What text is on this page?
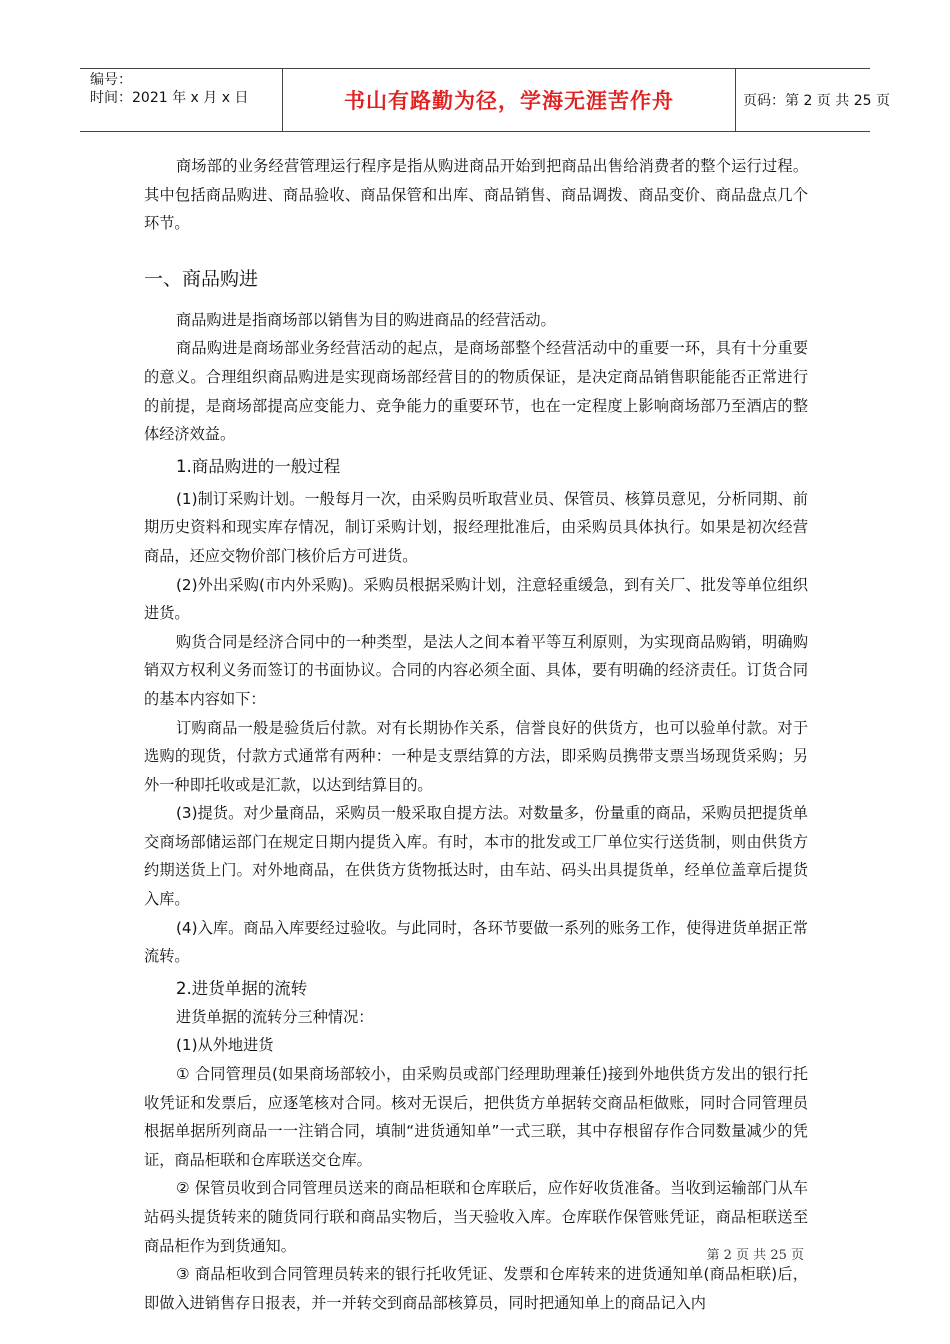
编号：
时间：2021 年 x 月 x 日	书山有路勤为径，学海无涯苦作舟	页码：第 2 页 共 25 页

商场部的业务经营管理运行程序是指从购进商品开始到把商品出售给消费者的整个运行过程。其中包括商品购进、商品验收、商品保管和出库、商品销售、商品调拨、商品变价、商品盘点几个环节。

一、商品购进

商品购进是指商场部以销售为目的购进商品的经营活动。

商品购进是商场部业务经营活动的起点，是商场部整个经营活动中的重要一环，具有十分重要的意义。合理组织商品购进是实现商场部经营目的的物质保证，是决定商品销售职能能否正常进行的前提，是商场部提高应变能力、竞争能力的重要环节，也在一定程度上影响商场部乃至酒店的整体经济效益。

1.商品购进的一般过程

(1)制订采购计划。一般每月一次，由采购员听取营业员、保管员、核算员意见，分析同期、前期历史资料和现实库存情况，制订采购计划，报经理批准后，由采购员具体执行。如果是初次经营商品，还应交物价部门核价后方可进货。

(2)外出采购(市内外采购)。采购员根据采购计划，注意轻重缓急，到有关厂、批发等单位组织进货。

购货合同是经济合同中的一种类型，是法人之间本着平等互利原则，为实现商品购销，明确购销双方权利义务而签订的书面协议。合同的内容必须全面、具体，要有明确的经济责任。订货合同的基本内容如下：

订购商品一般是验货后付款。对有长期协作关系，信誉良好的供货方，也可以验单付款。对于选购的现货，付款方式通常有两种：一种是支票结算的方法，即采购员携带支票当场现货采购；另外一种即托收或是汇款，以达到结算目的。

(3)提货。对少量商品，采购员一般采取自提方法。对数量多，份量重的商品，采购员把提货单交商场部储运部门在规定日期内提货入库。有时，本市的批发或工厂单位实行送货制，则由供货方约期送货上门。对外地商品，在供货方货物抵达时，由车站、码头出具提货单，经单位盖章后提货入库。

(4)入库。商品入库要经过验收。与此同时，各环节要做一系列的账务工作，使得进货单据正常流转。

2.进货单据的流转

进货单据的流转分三种情况：

(1)从外地进货

① 合同管理员(如果商场部较小，由采购员或部门经理助理兼任)接到外地供货方发出的银行托收凭证和发票后，应逐笔核对合同。核对无误后，把供货方单据转交商品柜做账，同时合同管理员根据单据所列商品一一注销合同，填制“进货通知单”一式三联，其中存根留存作合同数量减少的凭证，商品柜联和仓库联送交仓库。

② 保管员收到合同管理员送来的商品柜联和仓库联后，应作好收货准备。当收到运输部门从车站码头提货转来的随货同行联和商品实物后，当天验收入库。仓库联作保管账凭证，商品柜联送至商品柜作为到货通知。

③ 商品柜收到合同管理员转来的银行托收凭证、发票和仓库转来的进货通知单(商品柜联)后，即做入进销售存日报表，并一并转交到商品部核算员，同时把通知单上的商品记入内

第 2 页 共 25 页
